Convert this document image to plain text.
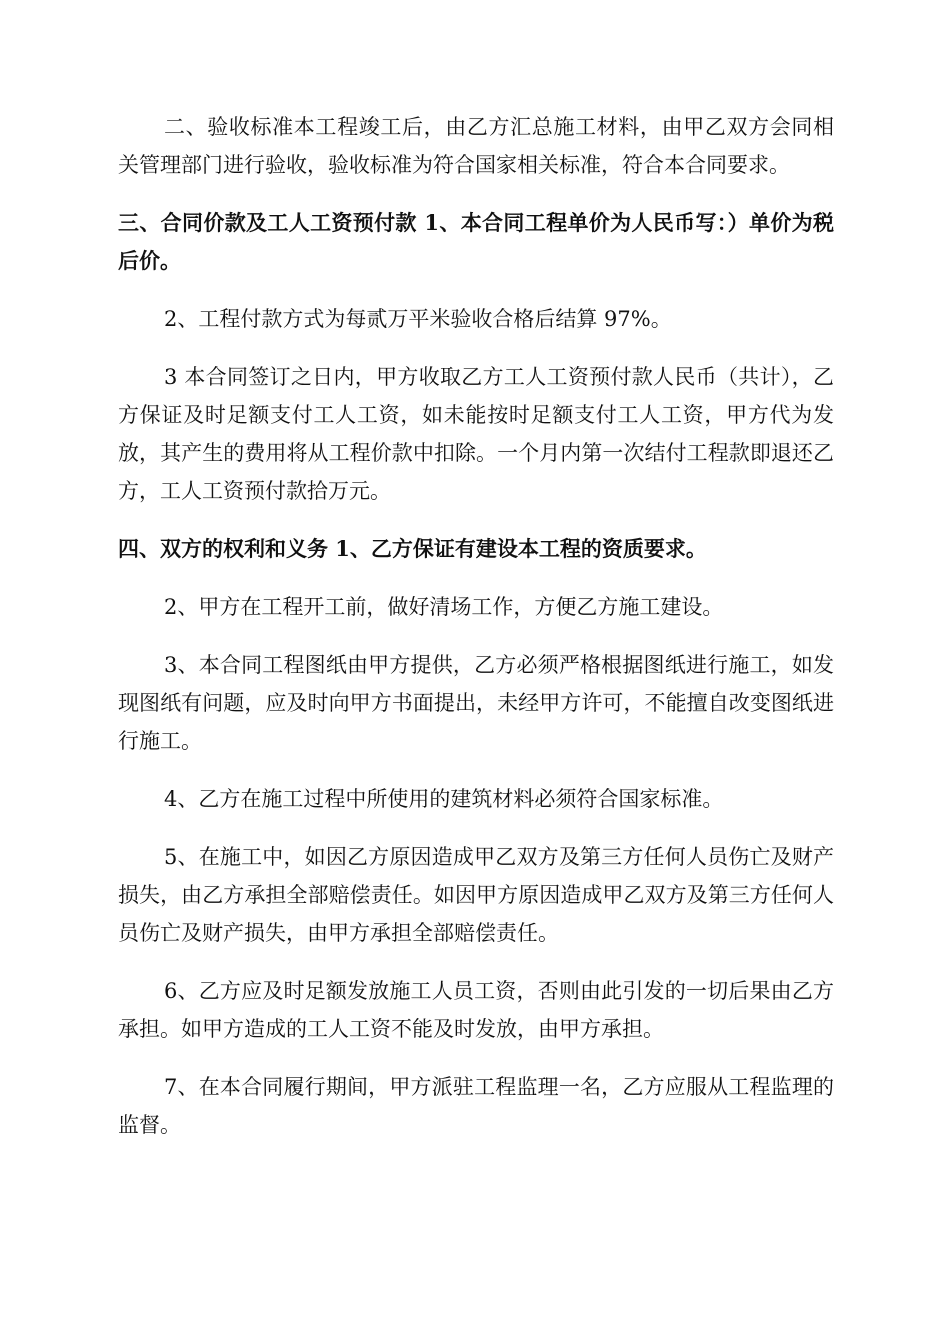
二、验收标准本工程竣工后，由乙方汇总施工材料，由甲乙双方会同相关管理部门进行验收，验收标准为符合国家相关标准，符合本合同要求。

三、合同价款及工人工资预付款 1、本合同工程单价为人民币写：）单价为税后价。

2、工程付款方式为每贰万平米验收合格后结算 97%。

3 本合同签订之日内，甲方收取乙方工人工资预付款人民币（共计），乙方保证及时足额支付工人工资，如未能按时足额支付工人工资，甲方代为发放，其产生的费用将从工程价款中扣除。一个月内第一次结付工程款即退还乙方，工人工资预付款拾万元。

四、双方的权利和义务 1、乙方保证有建设本工程的资质要求。

2、甲方在工程开工前，做好清场工作，方便乙方施工建设。

3、本合同工程图纸由甲方提供，乙方必须严格根据图纸进行施工，如发现图纸有问题，应及时向甲方书面提出，未经甲方许可，不能擅自改变图纸进行施工。

4、乙方在施工过程中所使用的建筑材料必须符合国家标准。

5、在施工中，如因乙方原因造成甲乙双方及第三方任何人员伤亡及财产损失，由乙方承担全部赔偿责任。如因甲方原因造成甲乙双方及第三方任何人员伤亡及财产损失，由甲方承担全部赔偿责任。

6、乙方应及时足额发放施工人员工资，否则由此引发的一切后果由乙方承担。如甲方造成的工人工资不能及时发放，由甲方承担。

7、在本合同履行期间，甲方派驻工程监理一名，乙方应服从工程监理的监督。
